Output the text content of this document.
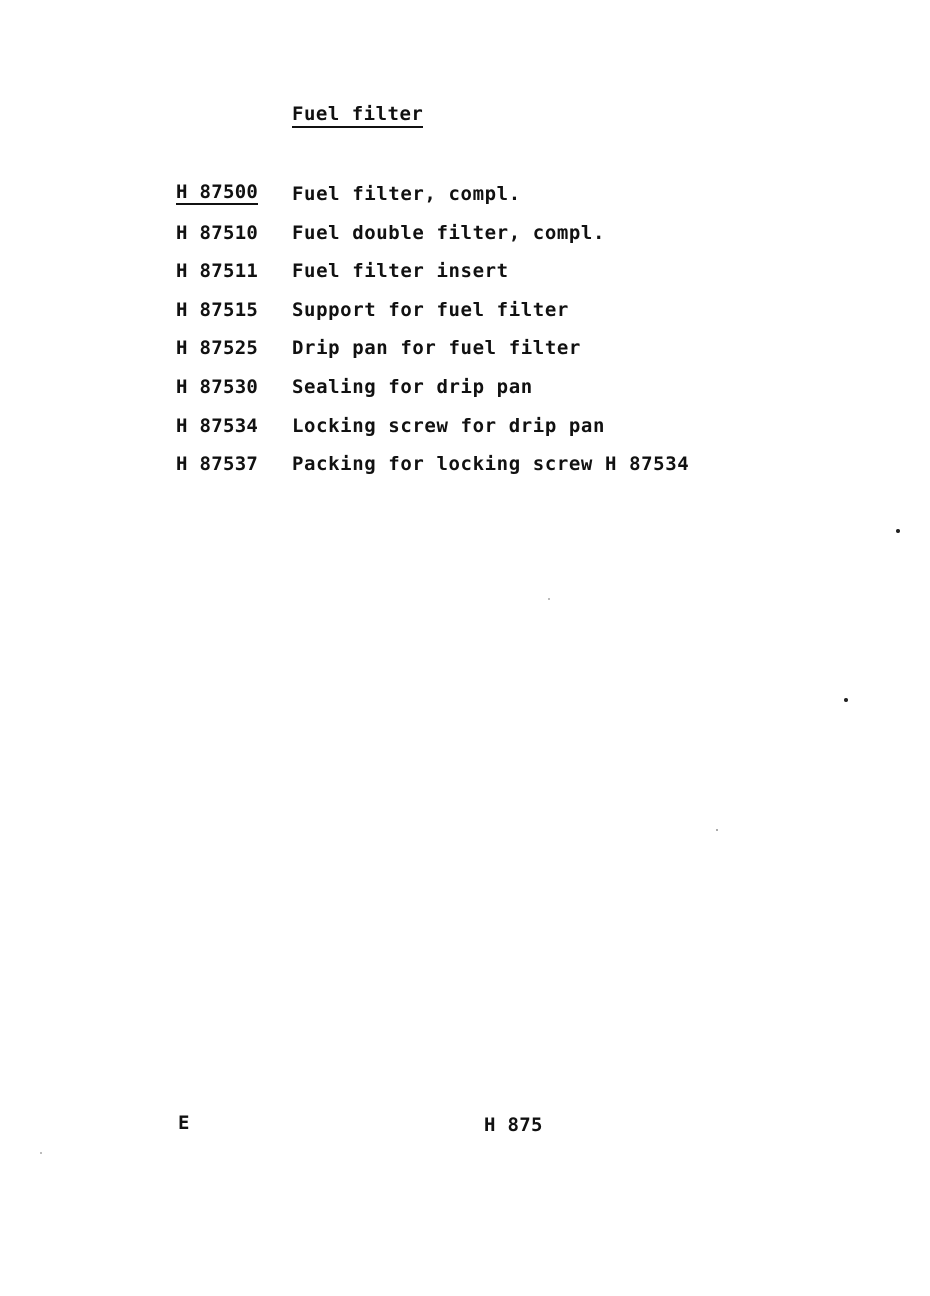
Fuel filter
H 87500 Fuel filter, compl.
H 87510 Fuel double filter, compl.
H 87511 Fuel filter insert
H 87515 Support for fuel filter
H 87525 Drip pan for fuel filter
H 87530 Sealing for drip pan
H 87534 Locking screw for drip pan
H 87537 Packing for locking screw H 87534
E	H 875
